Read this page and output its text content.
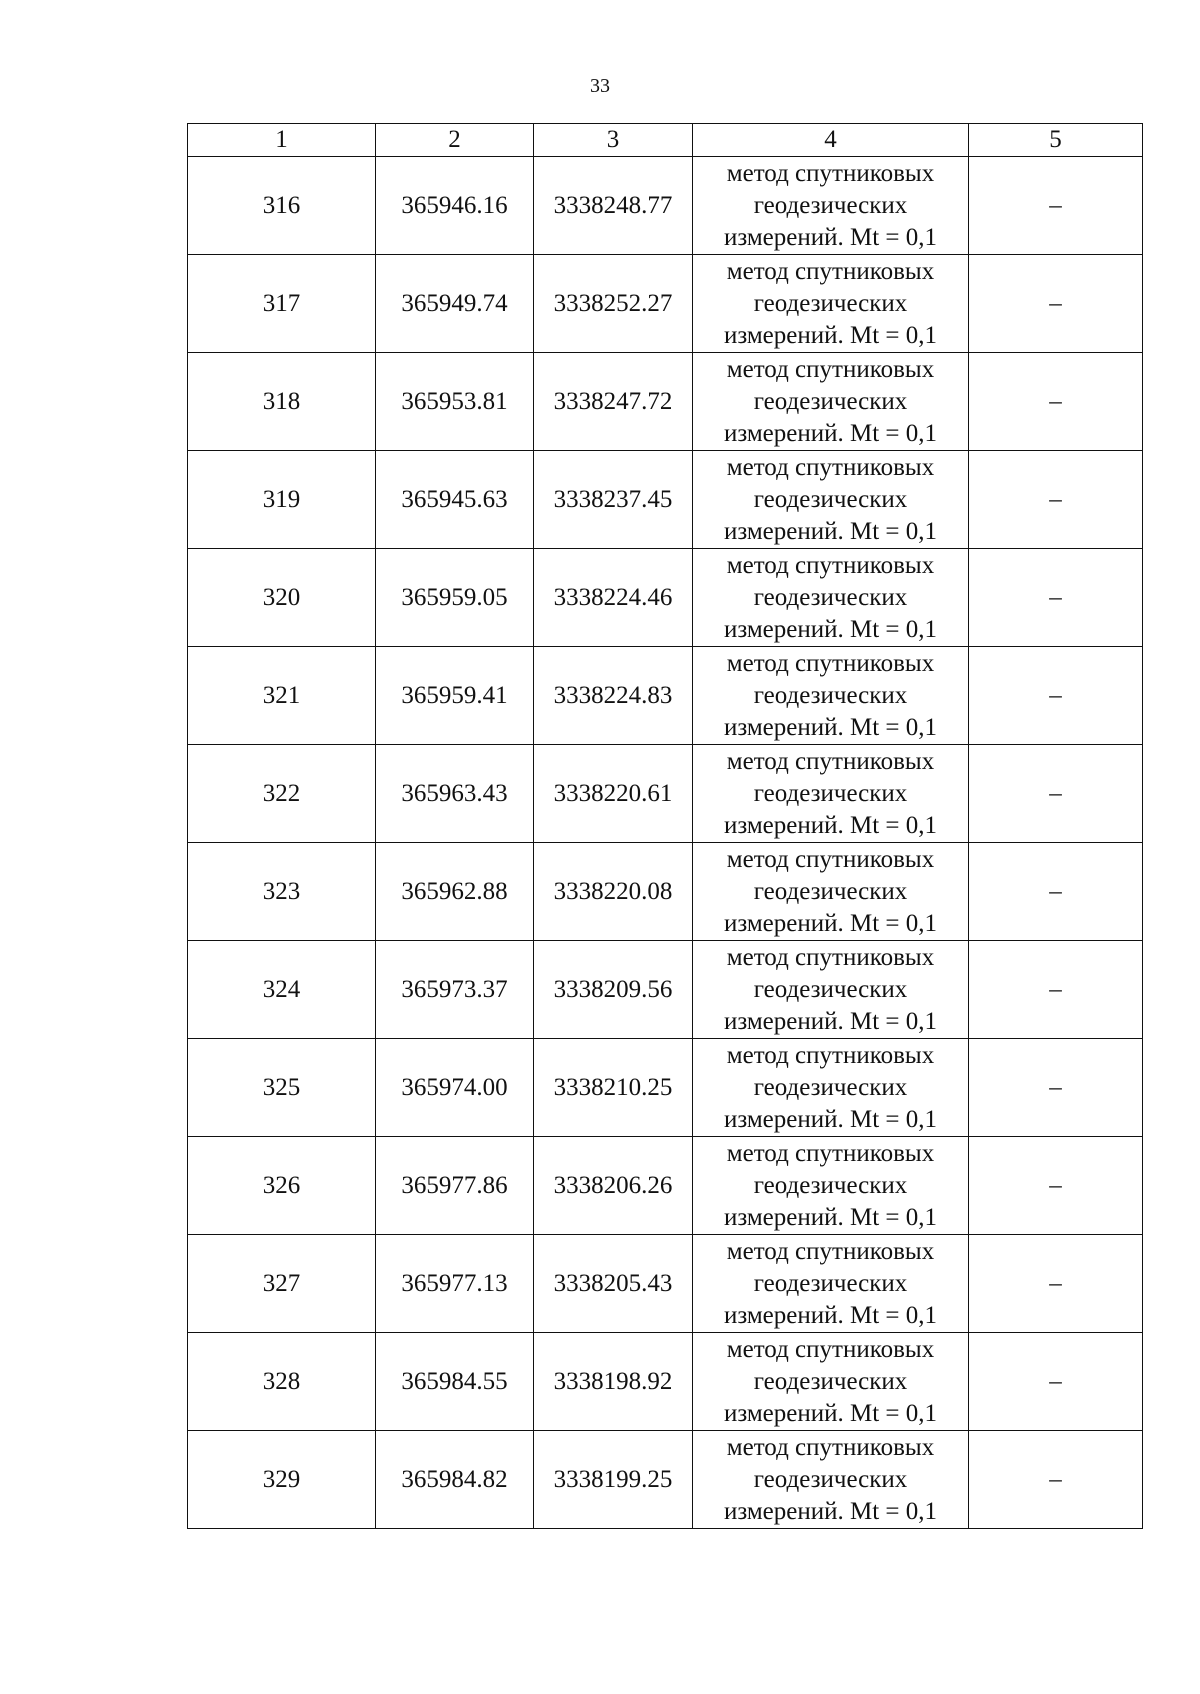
33
1	2	3	4	5
316	365946.16	3338248.77	метод спутниковых
геодезических
измерений. Mt = 0,1	–
317	365949.74	3338252.27	метод спутниковых
геодезических
измерений. Mt = 0,1	–
318	365953.81	3338247.72	метод спутниковых
геодезических
измерений. Mt = 0,1	–
319	365945.63	3338237.45	метод спутниковых
геодезических
измерений. Mt = 0,1	–
320	365959.05	3338224.46	метод спутниковых
геодезических
измерений. Mt = 0,1	–
321	365959.41	3338224.83	метод спутниковых
геодезических
измерений. Mt = 0,1	–
322	365963.43	3338220.61	метод спутниковых
геодезических
измерений. Mt = 0,1	–
323	365962.88	3338220.08	метод спутниковых
геодезических
измерений. Mt = 0,1	–
324	365973.37	3338209.56	метод спутниковых
геодезических
измерений. Mt = 0,1	–
325	365974.00	3338210.25	метод спутниковых
геодезических
измерений. Mt = 0,1	–
326	365977.86	3338206.26	метод спутниковых
геодезических
измерений. Mt = 0,1	–
327	365977.13	3338205.43	метод спутниковых
геодезических
измерений. Mt = 0,1	–
328	365984.55	3338198.92	метод спутниковых
геодезических
измерений. Mt = 0,1	–
329	365984.82	3338199.25	метод спутниковых
геодезических
измерений. Mt = 0,1	–
